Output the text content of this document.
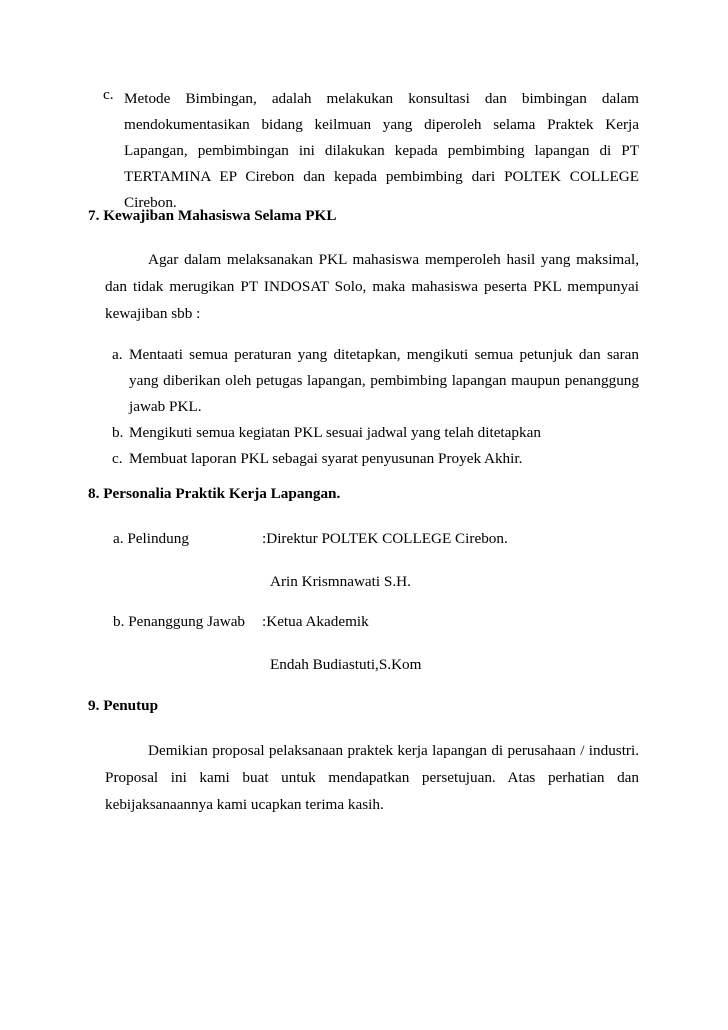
c. Metode Bimbingan, adalah melakukan konsultasi dan bimbingan dalam mendokumentasikan bidang keilmuan yang diperoleh selama Praktek Kerja Lapangan, pembimbingan ini dilakukan kepada pembimbing lapangan di PT TERTAMINA EP Cirebon dan kepada pembimbing dari POLTEK COLLEGE Cirebon.
7. Kewajiban Mahasiswa Selama PKL
Agar dalam melaksanakan PKL mahasiswa memperoleh hasil yang maksimal, dan tidak merugikan PT INDOSAT Solo, maka mahasiswa peserta PKL mempunyai kewajiban sbb :
a. Mentaati semua peraturan yang ditetapkan, mengikuti semua petunjuk dan saran yang diberikan oleh petugas lapangan, pembimbing lapangan maupun penanggung jawab PKL.
b. Mengikuti semua kegiatan PKL sesuai jadwal yang telah ditetapkan
c. Membuat laporan PKL sebagai syarat penyusunan Proyek Akhir.
8. Personalia Praktik Kerja Lapangan.
a. Pelindung	:Direktur POLTEK COLLEGE Cirebon.
Arin Krismnawati S.H.
b. Penanggung Jawab :Ketua Akademik
Endah Budiastuti,S.Kom
9. Penutup
Demikian proposal pelaksanaan praktek kerja lapangan di perusahaan / industri. Proposal ini kami buat untuk mendapatkan persetujuan. Atas perhatian dan kebijaksanaannya kami ucapkan terima kasih.
